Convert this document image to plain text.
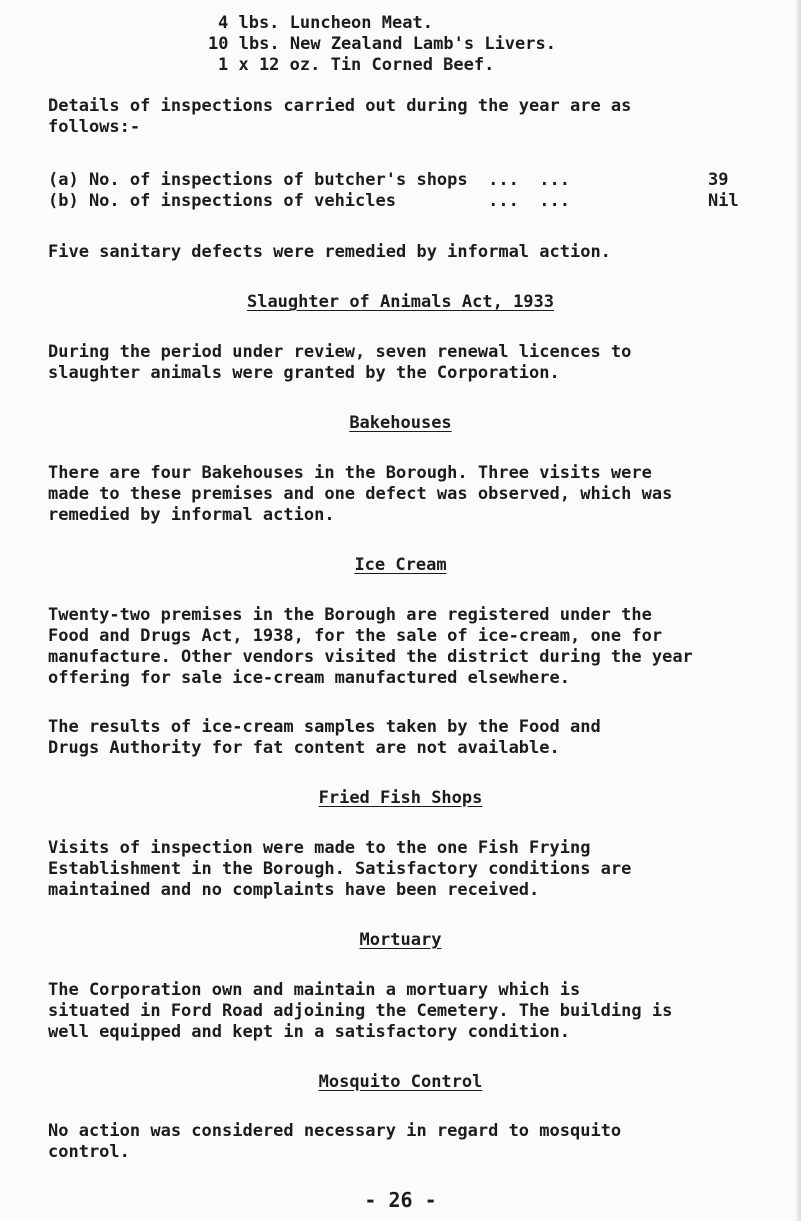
4 lbs. Luncheon Meat.
10 lbs. New Zealand Lamb's Livers.
1 x 12 oz. Tin Corned Beef.
Details of inspections carried out during the year are as
follows:-
(a) No. of inspections of butcher's shops  ...  ...	39
(b) No. of inspections of vehicles         ...  ...	Nil
Five sanitary defects were remedied by informal action.
Slaughter of Animals Act, 1933
During the period under review, seven renewal licences to
slaughter animals were granted by the Corporation.
Bakehouses
There are four Bakehouses in the Borough. Three visits were
made to these premises and one defect was observed, which was
remedied by informal action.
Ice Cream
Twenty-two premises in the Borough are registered under the
Food and Drugs Act, 1938, for the sale of ice-cream, one for
manufacture. Other vendors visited the district during the year
offering for sale ice-cream manufactured elsewhere.
The results of ice-cream samples taken by the Food and
Drugs Authority for fat content are not available.
Fried Fish Shops
Visits of inspection were made to the one Fish Frying
Establishment in the Borough. Satisfactory conditions are
maintained and no complaints have been received.
Mortuary
The Corporation own and maintain a mortuary which is
situated in Ford Road adjoining the Cemetery. The building is
well equipped and kept in a satisfactory condition.
Mosquito Control
No action was considered necessary in regard to mosquito
control.
- 26 -
